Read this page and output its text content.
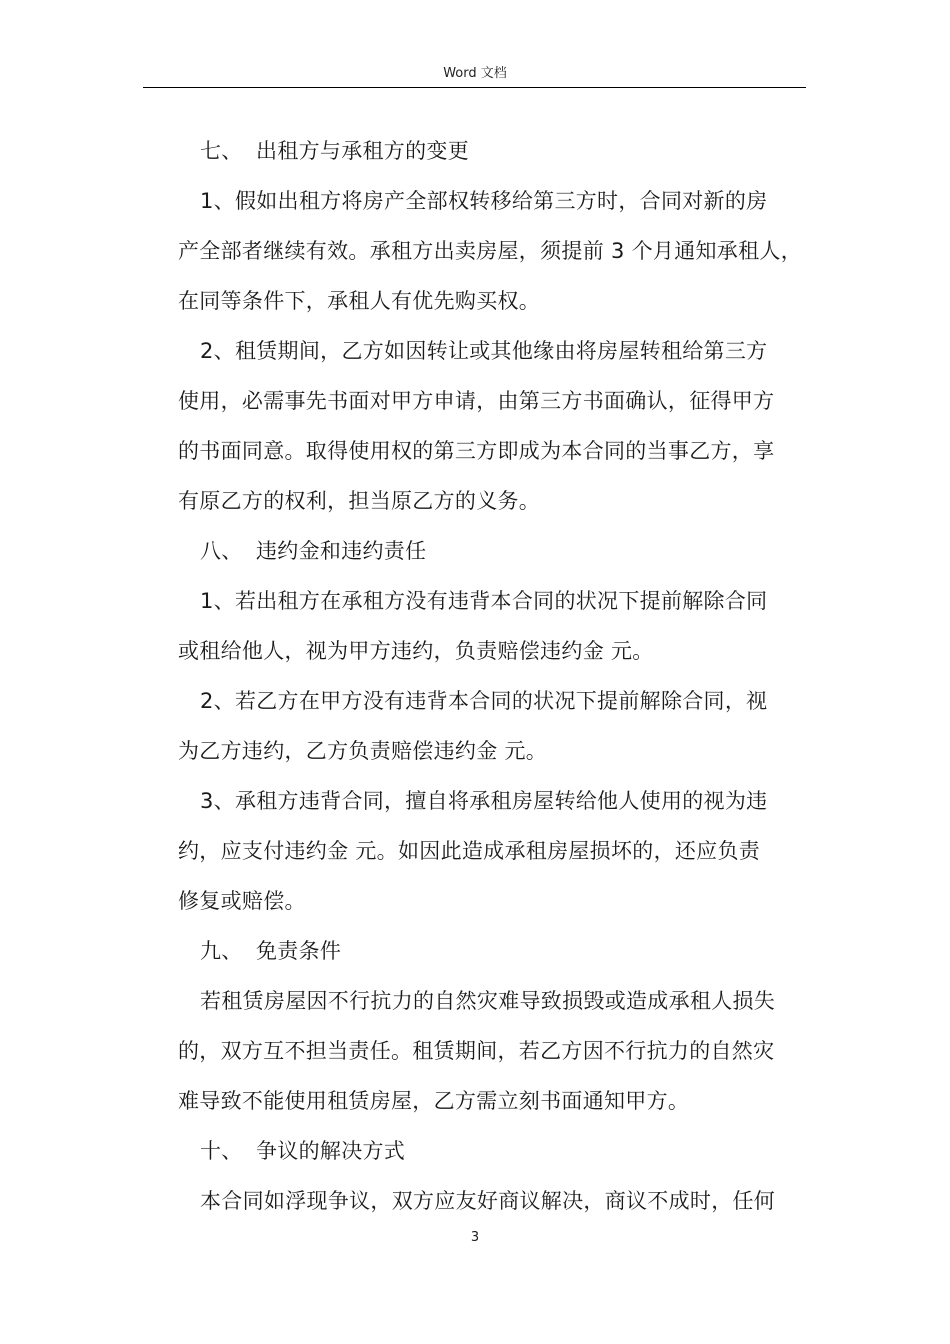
Word 文档
七、 出租方与承租方的变更
1、假如出租方将房产全部权转移给第三方时，合同对新的房
产全部者继续有效。承租方出卖房屋，须提前 3 个月通知承租人，
在同等条件下，承租人有优先购买权。
2、租赁期间，乙方如因转让或其他缘由将房屋转租给第三方
使用，必需事先书面对甲方申请，由第三方书面确认，征得甲方
的书面同意。取得使用权的第三方即成为本合同的当事乙方，享
有原乙方的权利，担当原乙方的义务。
八、 违约金和违约责任
1、若出租方在承租方没有违背本合同的状况下提前解除合同
或租给他人，视为甲方违约，负责赔偿违约金 元。
2、若乙方在甲方没有违背本合同的状况下提前解除合同，视
为乙方违约，乙方负责赔偿违约金 元。
3、承租方违背合同，擅自将承租房屋转给他人使用的视为违
约，应支付违约金 元。如因此造成承租房屋损坏的，还应负责
修复或赔偿。
九、 免责条件
若租赁房屋因不行抗力的自然灾难导致损毁或造成承租人损失
的，双方互不担当责任。租赁期间，若乙方因不行抗力的自然灾
难导致不能使用租赁房屋，乙方需立刻书面通知甲方。
十、 争议的解决方式
本合同如浮现争议，双方应友好商议解决，商议不成时，任何
3
